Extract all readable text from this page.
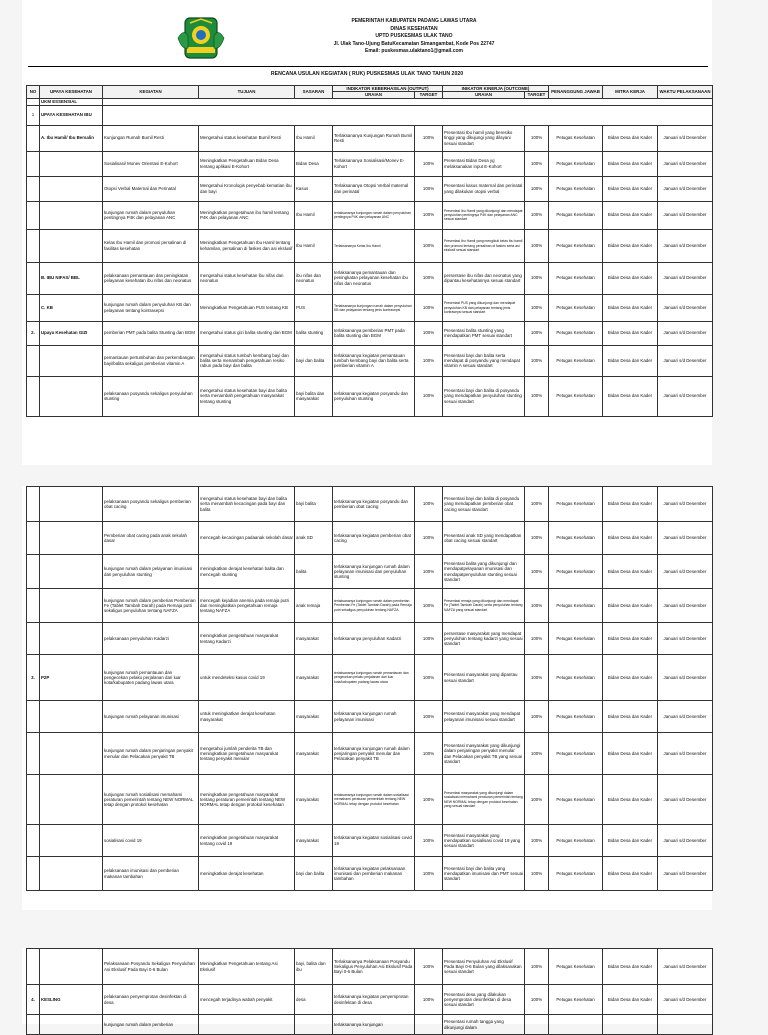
PEMERINTAH KABUPATEN PADANG LAWAS UTARA
DINAS KESEHATAN
UPTD PUSKESMAS ULAK TANO
Jl. Ulak Tano-Ujung BatuKecamatan Simangambat, Kode Pos 22747
Email: puskesmas.ulaktano1@gmail.com
RENCANA USULAN KEGIATAN ( RUK) PUSKESMAS ULAK TANO TAHUN 2020
NO	UPAYA KESEHATAN	KEGIATAN	TUJUAN	SASARAN	INDIKATOR KEBERHASILAN (OUTPUT)		INIKATOR KINERJA (OUTCOME)		PENANGGUNG JAWAB	MITRA KERJA	WAKTU PELAKSANAAN
					URAIAN	TARGET	URAIAN	TARGET			
	UKM ESSENSIAL										
1	UPAYA KESEHATAN IBU										
	A. Ibu Hamil/ Ibu Bersalin	Kunjungan Rumah Bumil Resti	Mengetahui status kesehatan Bumil Resti	Ibu Hamil	Terlaksananya Kunjungan Rumah Bumil Resti	100%	Presentasi Ibu hamil yang beresiko tinggi yang dikujungi yang dilayani sesuai standart	100%	Petugas Kesehatan	Bidan Desa dan Kader	Januari s/d Desember
		Sosialisasi/ Monev Orientasi E-Kohort	Meningkatkan Pengetahuan Bidan Desa tentang aplikasi E-Kohort	Bidan Desa	Terlaksananya Sosialisasi/Monev E-Kohort	100%	Presentasi Bidan Desa yg melaksanakan input E-Kohort	100%	Petugas Kesehatan	Bidan Desa dan Kader	Januari s/d Desember
		Otopsi Verbal Maternal dan Perinatal	Mengetahui Kronologis penyebab kematian ibu dan bayi	Kasus	Terlaksananya Otopsi Verbal maternal dan perinatal	100%	Presentasi kasus maternal dan perinatal yang dilakukan otopsi verbal	100%	Petugas Kesehatan	Bidan Desa dan Kader	Januari s/d Desember
		kunjungan rumah dalam penyuluhan pentingnya P4K dan pelayanan ANC	Meningkatkan pengetahuan ibu hamil tentang P4K dan pelayanan ANC	Ibu Hamil	terlaksananya kunjungan rumah dalam penyuluhan pentingnya P4K dan pelayanan ANC	100%	Presentasi Ibu Hamil yang dikunjungi dan mendapat penyuluhan pentingnya P4K dan pelayanan ANC sesuai standart	100%	Petugas Kesehatan	Bidan Desa dan Kader	Januari s/d Desember
		Kelas Ibu Hamil dan promosi persalinan di fasilitas kesehatan	Meningkatkan Pengetahuan Ibu Hamil tentang kehamilan, persalinan di faskes dan asi ekslusif	Ibu Hamil	Terlaksananya Kelas Ibu Hamil	100%	Presentasi Ibu Hamil yang mengikuti kelas ibu hamil dan promosi tentang persalinan di faskes serta asi ekslusif sesuai standart	100%	Petugas Kesehatan	Bidan Desa dan Kader	Januari s/d Desember
	B. IBU NIFAS/ BBL	pelaksanaan pemantauan dan peningkatan pelayanan kesehatan ibu nifas dan neonatus	mengetahui status kesehatan ibu nifas dan neonatus	ibu nifas dan neonatus	terlaksananya pemantauan dan peningkatan pelayanan kesehatan ibu nifas dan neonatus	100%	persentase ibu nifas dan neonatus yang dipantau kesehatannya sesuai standart	100%	Petugas Kesehatan	Bidan Desa dan Kader	Januari s/d Desember
	C. KB	kunjungan rumah dalam penyuluhan KB dan pelayanan tentang kontrasepsi	Meningkatkan Pengetahuan PUS tentang KB	PUS	Terlaksananya kunjungan rumah dalam penyuluhan KB dan pelayanan tentang jenis kontrasepsi	100%	Presentasi PUS yang dikunjungi dan mendapat penyuluhan KB dan pelayanan tentang jenis kontrasepsi sesuai standart	100%	Petugas Kesehatan	Bidan Desa dan Kader	Januari s/d Desember
2.	Upaya Kesehatan GIZI	pemberian PMT pada balita Stunting dan BGM	mengetahui status gizi balita stunting dan BGM	balita stunting	terlaksananya pemberian PMT pada balita stunting dan BGM	100%	Presentasi balita stunting yang mendapatkan PMT sesuai standart	100%	Petugas Kesehatan	Bidan Desa dan Kader	Januari s/d Desember
		pemantauan pertumbuhan dan perkembangan bayi/balita sekaligus pemberian vitamin A	mengetahui status tumbuh kembang bayi dan balita serta menambah pengetahuan resiko rabun pada bayi dan balita	bayi dan balita	terlaksananya kegiatan pemantauan tumbuh kembang bayi dan balita serta pemberian vitamin A	100%	Presentasi bayi dan balita serta mendapat di posyandu yang mendapat vitamin A sesuai standart	100%	Petugas Kesehatan	Bidan Desa dan Kader	Januari s/d Desember
		pelaksanaan posyandu sekaligus penyuluhan stunting	mengetahui status kesehatan bayi dan balita serta menambah pengetahuan masyarakat tentang stunting	bayi balita dan masyarakat	terlaksananya kegiatan posyandu dan penyuluhan stunting	100%	Presentasi bayi dan balita di posyandu yang mendapatkan penyuluhan stunting sesuai standart	100%	Petugas Kesehatan	Bidan Desa dan Kader	Januari s/d Desember
		pelaksanaan posyandu sekaligus pemberian obat cacing	mengetahui status kesehatan bayi dan balita serta menambah kecacingan pada bayi dan balita	bayi balita	terlaksananya kegiatan posyandu dan pemberian obat cacing	100%	Presentasi bayi dan balita di posyandu yang mendapatkan pemberian obat cacing sesuai standart	100%	Petugas Kesehatan	Bidan Desa dan Kader	Januari s/d Desember
		Pemberian obat cacing pada anak sekolah dasar	mencegah kecacingan padaanak sekolah dasar	anak SD	terlaksananya kegiatan pemberian obat cacing	100%	Presentasi anak SD yang mendapatkan obat cacing sesuai standart	100%	Petugas Kesehatan	Bidan Desa dan Kader	Januari s/d Desember
		kunjungan rumah dalam pelayanan imunisasi dan penyuluhan stunting	meningkatkan derajat kesehatan balita dan mencegah stunting	balita	terlaksananya kunjungan rumah dalam pelayanan imunisasi dan penyuluhan stunting	100%	Presentasi balita yang dikunjungi dan mendapatpelayanan imunisasi dan mendapatpenyuluhan stunting sesuai standart	100%	Petugas Kesehatan	Bidan Desa dan Kader	Januari s/d Desember
		kunjungan rumah dalam pemberian Pemberian Fe (Tablet Tambah Darah) pada Remaja putri sekaligus penyuluhan tentang NAFZA	mencegah kejadian anemia pada remaja putri dan meningkatkan pengetahuan remaja tentang NAFZA	anak remaja	terlaksananya kunjungan rumah dalam pemberian Pemberian Fe (Tablet Tambah Darah) pada Remaja putri sekaligus penyuluhan tentang NAFZA	100%	Presentasi remaja yang dikunjungi dan mendapat Fe (Tablet Tambah Darah) serta penyuluhan tentang NAFZA yang sesuai standart	100%	Petugas Kesehatan	Bidan Desa dan Kader	Januari s/d Desember
		pelaksanaan penyuluhan Kadarzi	meningkatkan pengetahuan masyarakat tentang Kadarzi	masyarakat	terlaksananya penyuluhan Kadarzi	100%	persentase masyarakat yang mendapat penyuluhan tentang kadarzi yang sesuai standart	100%	Petugas Kesehatan	Bidan Desa dan Kader	Januari s/d Desember
3.	P2P	kunjungan rumah pemantauan dan pengecekan pelaku perjalanan dari luar kota/kabupaten padang lawas utara	untuk mendeteksi kasus covid 19	masyarakat	terlaksananya kunjungan rumah pemantauan dan pengecekan pelaku perjalanan dari luar kota/kabupaten padang lawas utara	100%	Presentasi masyarakat yang dipantau sesuai standart	100%	Petugas Kesehatan	Bidan Desa dan Kader	Januari s/d Desember
		kunjungan rumah pelayanan imunisasi	untuk meningkatkan derajat kesehatan masyarakat	masyarakat	terlaksananya kunjungan rumah pelayanan imunisasi	100%	Presentasi masyarakat yang mendapat pelayanan imunisasi sesuai standart	100%	Petugas Kesehatan	Bidan Desa dan Kader	Januari s/d Desember
		kunjungan rumah dalam penjaringan penyakit menular dan Pelacakan penyakit TB	mengetahui jumlah penderita TB dan meningkatkan pengetahuan masyarakat tentang penyakit menular	masyarakat	terlaksananya kunjungan rumah dalam penjaringan penyakit menular dan Pelacakan penyakit TB	100%	Presentasi masyarakat yang dikunjungi dalam penjaringan penyakit menular dan Pelacakan penyakit TB yang sesuai standart	100%	Petugas Kesehatan	Bidan Desa dan Kader	Januari s/d Desember
		kunjungan rumah sosialisasi memahami peraturan pemerintah tentang NEW NORMAL tetap dengan protokol kesehatan	meningkatkan pengetahuan masyarakat tentang peraturan pemerintah tentang NEW NORMAL tetap dengan protokol kesehatan	masyarakat	terlaksananya kunjungan rumah dalam sosialisasi memahami peraturan pemerintah tentang NEW NORMAL tetap dengan protokol kesehatan	100%	Presentasi masyarakat yang dikunjungi dalam sosialisasi memahami peraturan pemerintah tentang NEW NORMAL tetap dengan protokol kesehatan yang sesuai standart	100%	Petugas Kesehatan	Bidan Desa dan Kader	Januari s/d Desember
		sosialisasi covid 19	meningkatkan pengetahuan masyarakat tentang covid 19	masyarakat	terlaksananya kegiatan sosialisasi covid 19	100%	Presentasi masyarakat yang mendapatkan sosialisasi covid 19 yang sesuai standart	100%	Petugas Kesehatan	Bidan Desa dan Kader	Januari s/d Desember
		pelaksanaan imunisasi dan pemberian makanan tambahan	meningkatkan derajat kesehatan	bayi dan balita	terlaksananya kegiatan pelaksanaan imunisasi dan pemberian makanan tambahan	100%	Presentasi bayi dan balita yang mendapatkan imunisasi dan PMT sesuai standart	100%	Petugas Kesehatan	Bidan Desa dan Kader	Januari s/d Desember
		Pelaksanaan Posyandu Sekaligus Penyuluhan Asi Ekslusif Pada Bayi 0-6 Bulan	Meningkatkan Pengetahuan tentang Asi Ekslusif	bayi, balita dan ibu	Terlaksananya Pelaksanaan Posyandu Sekaligus Penyuluhan Asi Ekslusif Pada Bayi 0-6 Bulan	100%	Presentasi Penyuluhan Asi Ekslusif Pada Bayi 0-6 Bulan yang dilaksanakan sesuai standart	100%	Petugas Kesehatan	Bidan Desa dan Kader	Januari s/d Desember
4.	KESLING	pelaksanaan penyemprotan desinfektan di desa	mencegah terjadinya wabah penyakit	desa	terlaksananya kegiatan penyemprotan desinfektan di desa	100%	Presentasi desa yang dilakukan penyemprotan desinfektan di desa sesuai standart	100%	Petugas Kesehatan	Bidan Desa dan Kader	Januari s/d Desember
		kunjungan rumah dalam pemberian			terlaksananya kunjungan		Presentasi rumah tangga yang dikunjungi dalam				
